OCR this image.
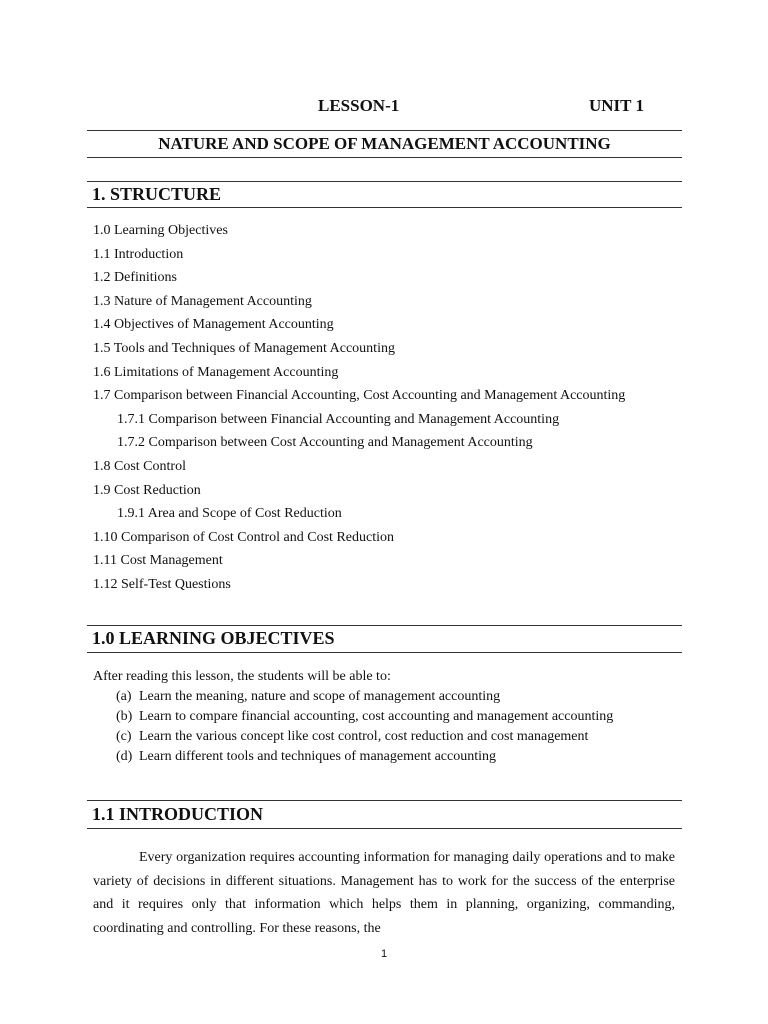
LESSON-1	UNIT 1
NATURE AND SCOPE OF MANAGEMENT ACCOUNTING
1. STRUCTURE
1.0 Learning Objectives
1.1 Introduction
1.2 Definitions
1.3 Nature of Management Accounting
1.4 Objectives of Management Accounting
1.5 Tools and Techniques of Management Accounting
1.6 Limitations of Management Accounting
1.7 Comparison between Financial Accounting, Cost Accounting and Management Accounting
1.7.1 Comparison between Financial Accounting and Management Accounting
1.7.2 Comparison between Cost Accounting and Management Accounting
1.8 Cost Control
1.9 Cost Reduction
1.9.1 Area and Scope of Cost Reduction
1.10 Comparison of Cost Control and Cost Reduction
1.11 Cost Management
1.12 Self-Test Questions
1.0 LEARNING OBJECTIVES
After reading this lesson, the students will be able to:
(a) Learn the meaning, nature and scope of management accounting
(b) Learn to compare financial accounting, cost accounting and management accounting
(c) Learn the various concept like cost control, cost reduction and cost management
(d) Learn different tools and techniques of management accounting
1.1 INTRODUCTION
Every organization requires accounting information for managing daily operations and to make variety of decisions in different situations. Management has to work for the success of the enterprise and it requires only that information which helps them in planning, organizing, commanding, coordinating and controlling. For these reasons, the
1
